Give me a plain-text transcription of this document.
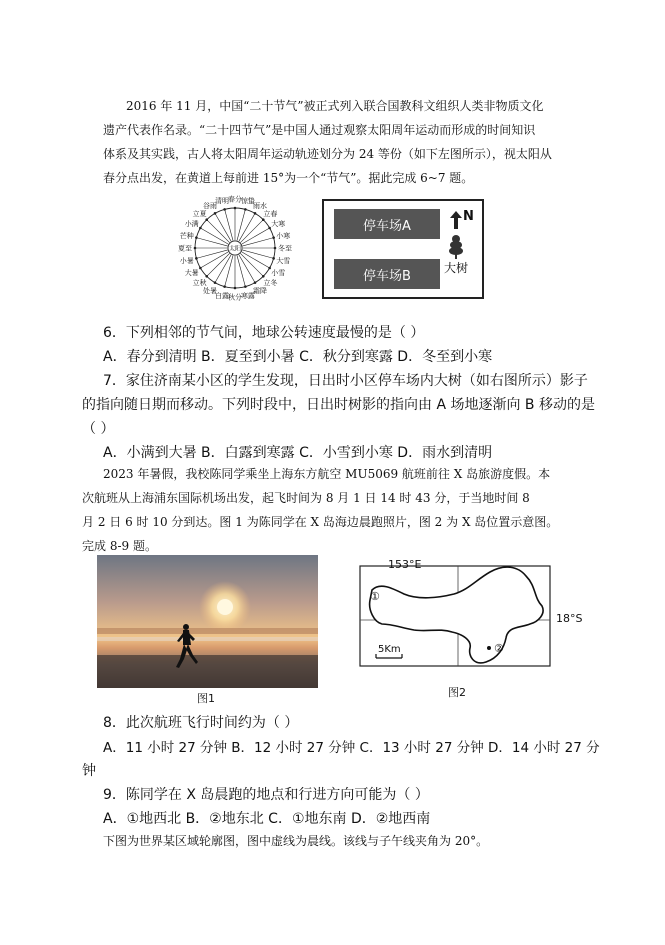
2016 年 11 月，中国“二十节气”被正式列入联合国教科文组织人类非物质文化
遗产代表作名录。“二十四节气”是中国人通过观察太阳周年运动而形成的时间知识
体系及其实践，古人将太阳周年运动轨迹划分为 24 等份（如下左图所示），视太阳从
春分点出发，在黄道上每前进 15°为一个“节气”。据此完成 6~7 题。
春分
清明
谷雨
立夏
小满
芒种
夏至
小暑
大暑
立秋
处暑
白露
秋分
寒露
霜降
立冬
小雪
大雪
冬至
小寒
大寒
立春
雨水
惊蛰
太阳
停车场A
停车场B
N
大树
6．下列相邻的节气间，地球公转速度最慢的是（ ）
A．春分到清明 B．夏至到小暑 C．秋分到寒露 D．冬至到小寒
7．家住济南某小区的学生发现，日出时小区停车场内大树（如右图所示）影子
的指向随日期而移动。下列时段中，日出时树影的指向由 A 场地逐渐向 B 移动的是
（ ）
A．小满到大暑 B．白露到寒露 C．小雪到小寒 D．雨水到清明
2023 年暑假，我校陈同学乘坐上海东方航空 MU5069 航班前往 X 岛旅游度假。本
次航班从上海浦东国际机场出发，起飞时间为 8 月 1 日 14 时 43 分，于当地时间 8
月 2 日 6 时 10 分到达。图 1 为陈同学在 X 岛海边晨跑照片，图 2 为 X 岛位置示意图。
完成 8-9 题。
图1
153°E
18°S
5Km
①
②
图2
8．此次航班飞行时间约为（ ）
A．11 小时 27 分钟 B．12 小时 27 分钟 C．13 小时 27 分钟 D．14 小时 27 分
钟
9．陈同学在 X 岛晨跑的地点和行进方向可能为（ ）
A．①地西北 B．②地东北 C．①地东南 D．②地西南
下图为世界某区域轮廓图，图中虚线为晨线。该线与子午线夹角为 20°。
